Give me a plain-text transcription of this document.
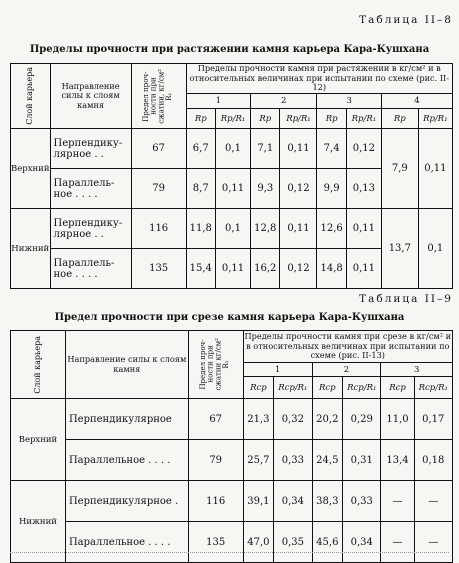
Таблица II–8
Пределы прочности при растяжении камня карьера Кара-Кушхана
Слой карьера	Направление силы к слоям камня	Предел проч-
ности при
сжатии, кг/см²
R₁	Пределы прочности камня при растяжении в кг/см² и в относительных величинах при испытании по схеме (рис. II-12)							
			1		2		3		4	
			Rр	Rр/R₁	Rр	Rр/R₁	Rр	Rр/R₁	Rр	Rр/R₁
Верхний	Перпендику-лярное . .	67	6,7	0,1	7,1	0,11	7,4	0,12	7,9	0,11
	Параллель-ное . . . .	79	8,7	0,11	9,3	0,12	9,9	0,13		
Нижний	Перпендику-лярное . .	116	11,8	0,1	12,8	0,11	12,6	0,11	13,7	0,1
	Параллель-ное . . . .	135	15,4	0,11	16,2	0,12	14,8	0,11		
Таблица II–9
Предел прочности при срезе камня карьера Кара-Кушхана
Слой карьера	Направление силы к слоям камня	Предел проч-
ности при
сжатии кг/см²
R₁	Пределы прочности камня при срезе в кг/см² и в относительных величинах при испытании по схеме (рис. II-13)					
			1		2		3	
			Rср	Rср/R₁	Rср	Rср/R₁	Rср	Rср/R₁
Верхний	Перпендикулярное	67	21,3	0,32	20,2	0,29	11,0	0,17
	Параллельное . . . .	79	25,7	0,33	24,5	0,31	13,4	0,18
Нижний	Перпендикулярное .	116	39,1	0,34	38,3	0,33	—	—
	Параллельное . . . .	135	47,0	0,35	45,6	0,34	—	—
